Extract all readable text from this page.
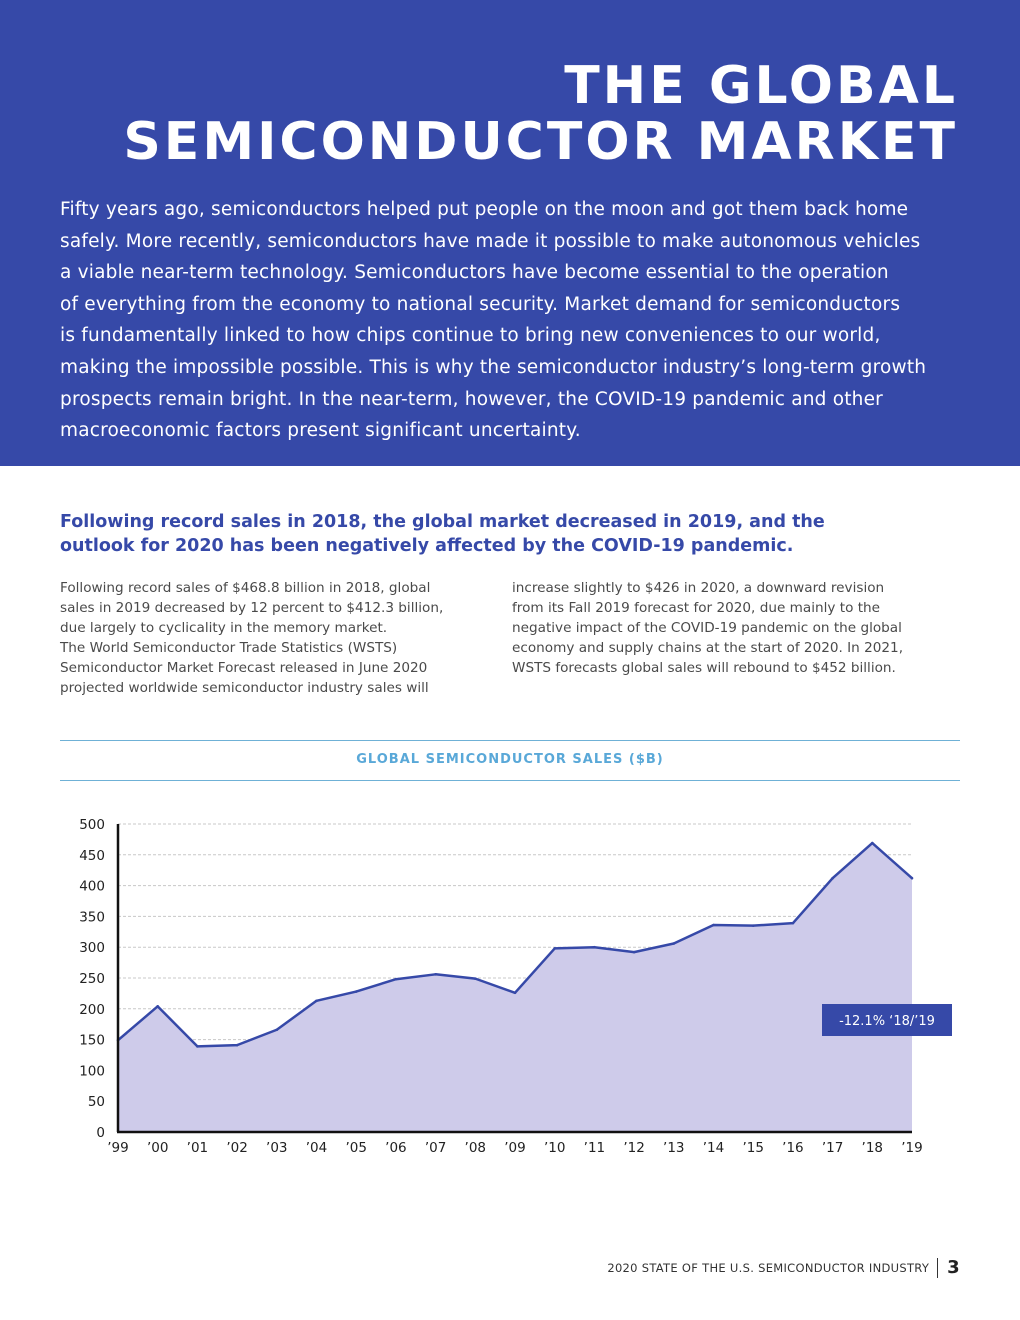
THE GLOBAL
SEMICONDUCTOR MARKET

Fifty years ago, semiconductors helped put people on the moon and got them back home
safely. More recently, semiconductors have made it possible to make autonomous vehicles
a viable near-term technology. Semiconductors have become essential to the operation
of everything from the economy to national security. Market demand for semiconductors
is fundamentally linked to how chips continue to bring new conveniences to our world,
making the impossible possible. This is why the semiconductor industry’s long-term growth
prospects remain bright. In the near-term, however, the COVID-19 pandemic and other
macroeconomic factors present significant uncertainty.

Following record sales in 2018, the global market decreased in 2019, and the
outlook for 2020 has been negatively affected by the COVID-19 pandemic.

Following record sales of $468.8 billion in 2018, global
sales in 2019 decreased by 12 percent to $412.3 billion,
due largely to cyclicality in the memory market.
The World Semiconductor Trade Statistics (WSTS)
Semiconductor Market Forecast released in June 2020
projected worldwide semiconductor industry sales will

increase slightly to $426 in 2020, a downward revision
from its Fall 2019 forecast for 2020, due mainly to the
negative impact of the COVID-19 pandemic on the global
economy and supply chains at the start of 2020. In 2021,
WSTS forecasts global sales will rebound to $452 billion.

GLOBAL SEMICONDUCTOR SALES ($B)
0
50
100
150
200
250
300
350
400
450
500
’99 ’00 ’01 ’02 ’03 ’04 ’05 ’06 ’07 ’08 ’09 ’10 ’11 ’12 ’13 ’14 ’15 ’16 ’17 ’18 ’19
-12.1% ‘18/’19
2020 STATE OF THE U.S. SEMICONDUCTOR INDUSTRY 3
